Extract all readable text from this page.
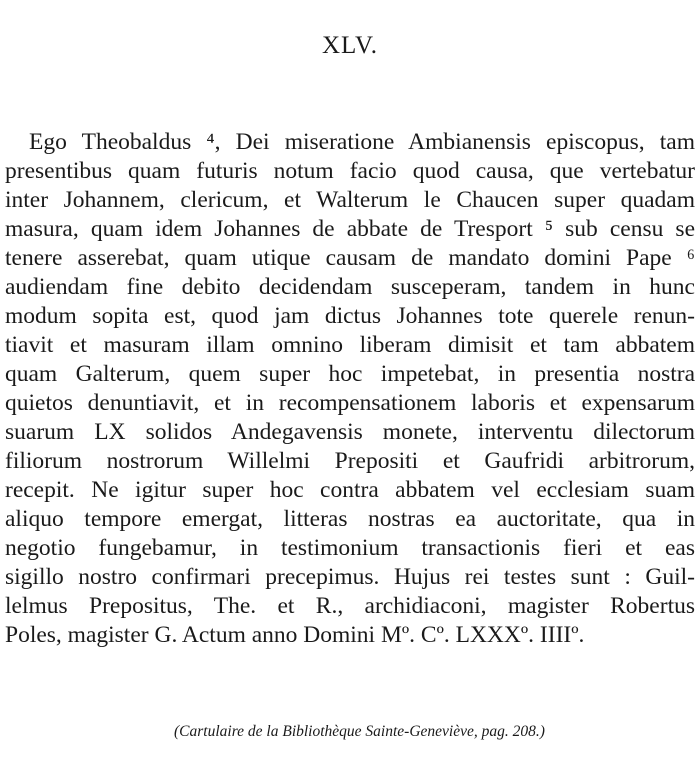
XLV.
Ego Theobaldus ⁴, Dei miseratione Ambianensis episcopus, tam
presentibus quam futuris notum facio quod causa, que vertebatur
inter Johannem, clericum, et Walterum le Chaucen super quadam
masura, quam idem Johannes de abbate de Tresport ⁵ sub censu se
tenere asserebat, quam utique causam de mandato domini Pape ⁶
audiendam fine debito decidendam susceperam, tandem in hunc
modum sopita est, quod jam dictus Johannes tote querele renun-
tiavit et masuram illam omnino liberam dimisit et tam abbatem
quam Galterum, quem super hoc impetebat, in presentia nostra
quietos denuntiavit, et in recompensationem laboris et expensarum
suarum LX solidos Andegavensis monete, interventu dilectorum
filiorum nostrorum Willelmi Prepositi et Gaufridi arbitrorum,
recepit. Ne igitur super hoc contra abbatem vel ecclesiam suam
aliquo tempore emergat, litteras nostras ea auctoritate, qua in
negotio fungebamur, in testimonium transactionis fieri et eas
sigillo nostro confirmari precepimus. Hujus rei testes sunt : Guil-
lelmus Prepositus, The. et R., archidiaconi, magister Robertus
Poles, magister G. Actum anno Domini Mº. Cº. LXXXº. IIIIº.
(Cartulaire de la Bibliothèque Sainte-Geneviève, pag. 208.)
